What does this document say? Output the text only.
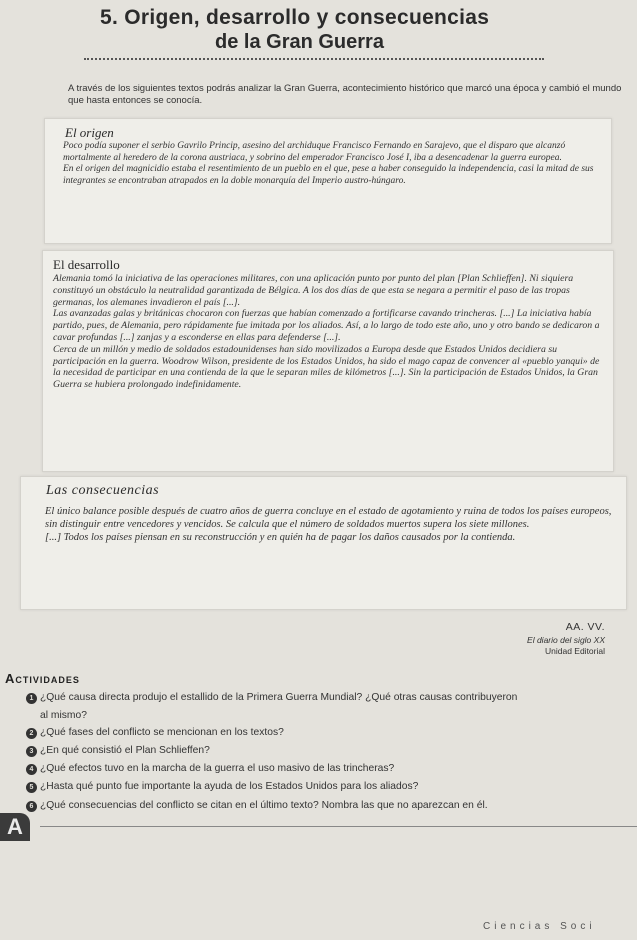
5. Origen, desarrollo y consecuencias
de la Gran Guerra
A través de los siguientes textos podrás analizar la Gran Guerra, acontecimiento histórico que marcó una época y cambió el mundo que hasta entonces se conocía.
El origen

Poco podía suponer el serbio Gavrilo Princip, asesino del archiduque Francisco Fernando en Sarajevo, que el disparo que alcanzó mortalmente al heredero de la corona austriaca, y sobrino del emperador Francisco José I, iba a desencadenar la guerra europea.

En el origen del magnicidio estaba el resentimiento de un pueblo en el que, pese a haber conseguido la independencia, casi la mitad de sus integrantes se encontraban atrapados en la doble monarquía del Imperio austro-húngaro.

El desarrollo

Alemania tomó la iniciativa de las operaciones militares, con una aplicación punto por punto del plan [Plan Schlieffen]. Ni siquiera constituyó un obstáculo la neutralidad garantizada de Bélgica. A los dos días de que esta se negara a permitir el paso de las tropas germanas, los alemanes invadieron el país [...].

Las avanzadas galas y británicas chocaron con fuerzas que habían comenzado a fortificarse cavando trincheras. [...] La iniciativa había partido, pues, de Alemania, pero rápidamente fue imitada por los aliados. Así, a lo largo de todo este año, uno y otro bando se dedicaron a cavar profundas [...] zanjas y a esconderse en ellas para defenderse [...].

Cerca de un millón y medio de soldados estadounidenses han sido movilizados a Europa desde que Estados Unidos decidiera su participación en la guerra. Woodrow Wilson, presidente de los Estados Unidos, ha sido el mago capaz de convencer al «pueblo yanqui» de la necesidad de participar en una contienda de la que le separan miles de kilómetros [...]. Sin la participación de Estados Unidos, la Gran Guerra se hubiera prolongado indefinidamente.

Las consecuencias

El único balance posible después de cuatro años de guerra concluye en el estado de agotamiento y ruina de todos los países europeos, sin distinguir entre vencedores y vencidos. Se calcula que el número de soldados muertos supera los siete millones.

[...] Todos los países piensan en su reconstrucción y en quién ha de pagar los daños causados por la contienda.

AA. VV.
El diario del siglo XX
Unidad Editorial
Actividades
1 ¿Qué causa directa produjo el estallido de la Primera Guerra Mundial? ¿Qué otras causas contribuyeron
al mismo?
2 ¿Qué fases del conflicto se mencionan en los textos?
3 ¿En qué consistió el Plan Schlieffen?
4 ¿Qué efectos tuvo en la marcha de la guerra el uso masivo de las trincheras?
5 ¿Hasta qué punto fue importante la ayuda de los Estados Unidos para los aliados?
6 ¿Qué consecuencias del conflicto se citan en el último texto? Nombra las que no aparezcan en él.
A
Ciencias Soci
